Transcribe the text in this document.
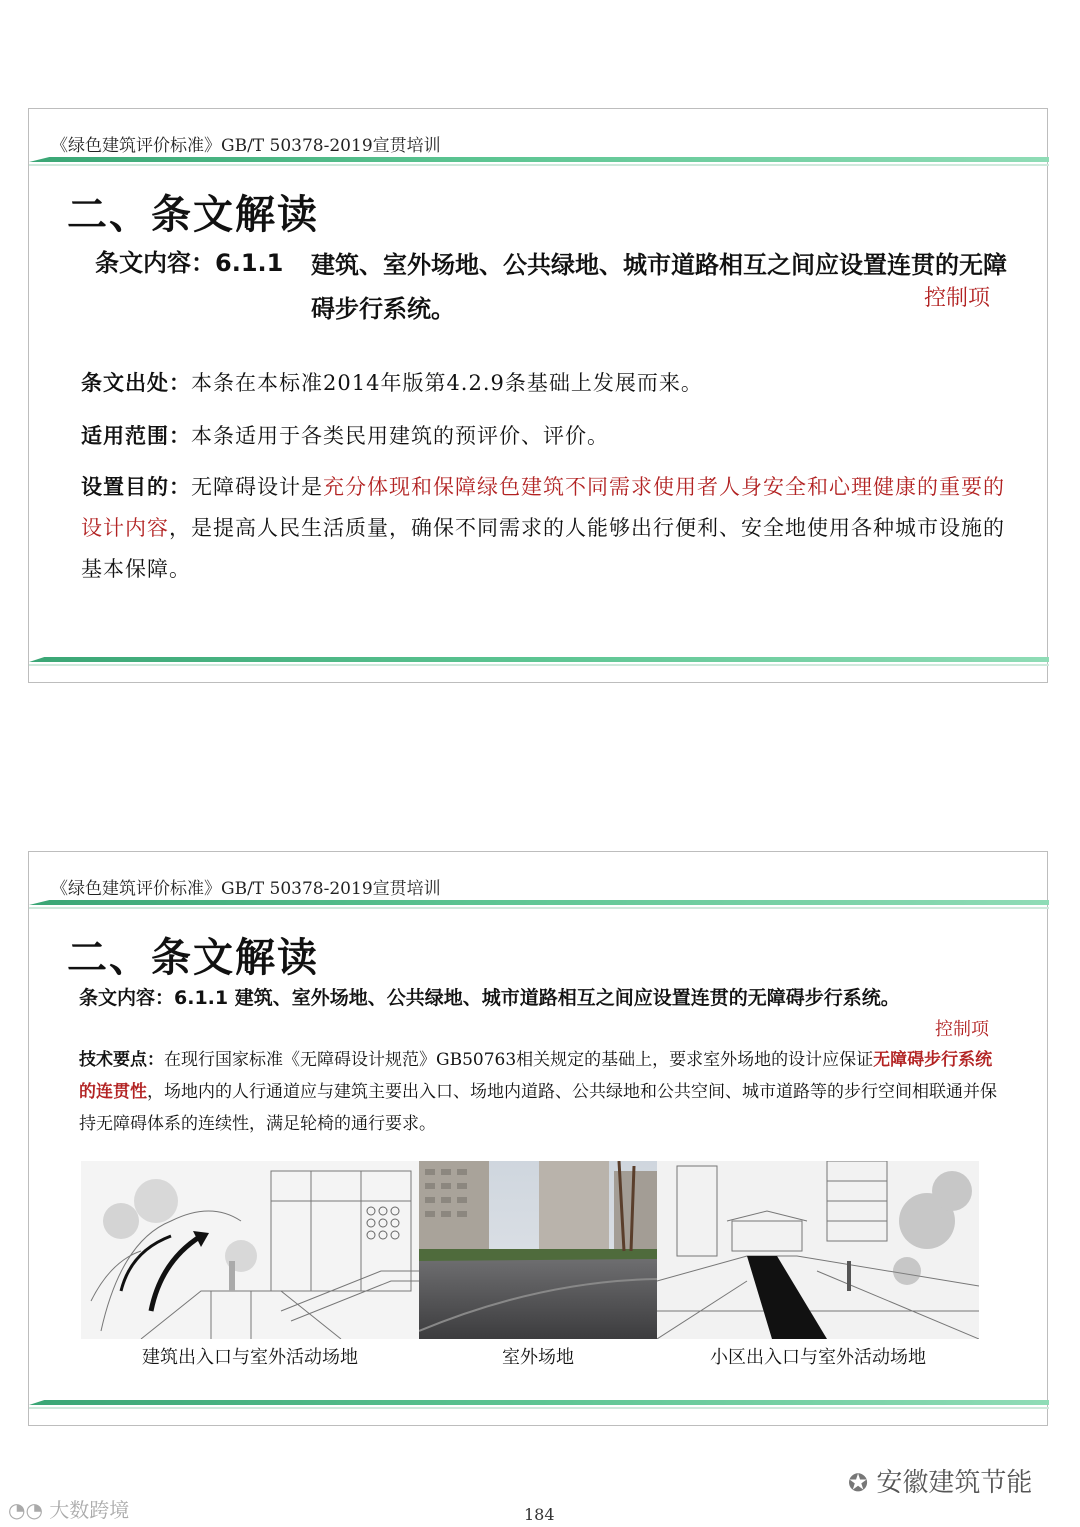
《绿色建筑评价标准》GB/T 50378-2019宣贯培训
二、条文解读
条文内容：6.1.1 建筑、室外场地、公共绿地、城市道路相互之间应设置连贯的无障碍步行系统。	控制项
条文出处：本条在本标准2014年版第4.2.9条基础上发展而来。
适用范围：本条适用于各类民用建筑的预评价、评价。
设置目的：无障碍设计是充分体现和保障绿色建筑不同需求使用者人身安全和心理健康的重要的设计内容，是提高人民生活质量，确保不同需求的人能够出行便利、安全地使用各种城市设施的基本保障。
《绿色建筑评价标准》GB/T 50378-2019宣贯培训
二、条文解读
条文内容：6.1.1 建筑、室外场地、公共绿地、城市道路相互之间应设置连贯的无障碍步行系统。
控制项
技术要点：在现行国家标准《无障碍设计规范》GB50763相关规定的基础上，要求室外场地的设计应保证无障碍步行系统的连贯性，场地内的人行通道应与建筑主要出入口、场地内道路、公共绿地和公共空间、城市道路等的步行空间相联通并保持无障碍体系的连续性，满足轮椅的通行要求。
建筑出入口与室外活动场地	室外场地	小区出入口与室外活动场地
✪ 安徽建筑节能
◔◔ 大数跨境	184
